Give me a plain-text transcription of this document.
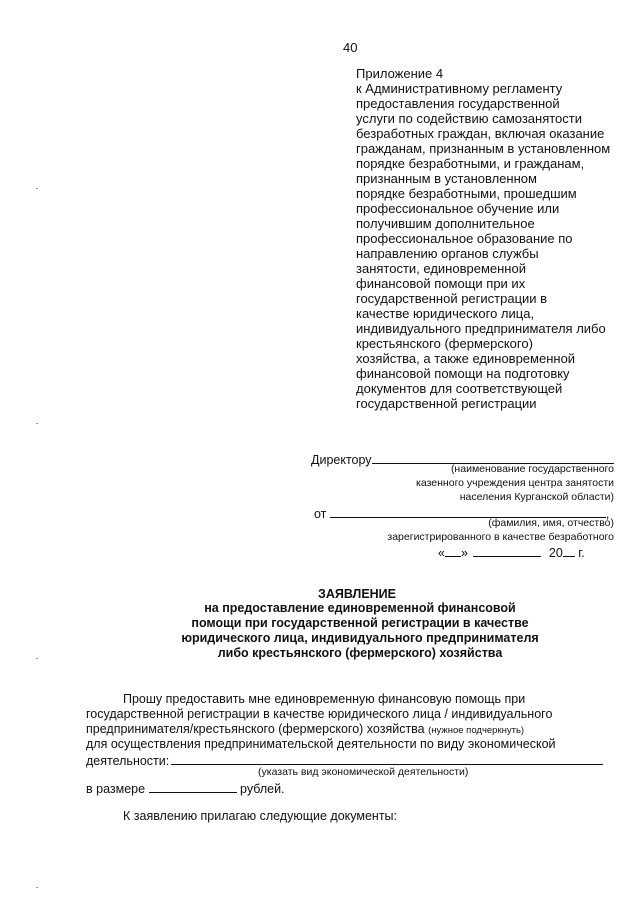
40
Приложение 4
к Административному регламенту
предоставления государственной
услуги по содействию самозанятости
безработных граждан, включая оказание
гражданам, признанным в установленном
порядке безработными, и гражданам,
признанным в установленном
порядке безработными, прошедшим
профессиональное обучение или
получившим дополнительное
профессиональное образование по
направлению органов службы
занятости, единовременной
финансовой помощи при их
государственной регистрации в
качестве юридического лица,
индивидуального предпринимателя либо
крестьянского (фермерского)
хозяйства, а также единовременной
финансовой помощи на подготовку
документов для соответствующей
государственной регистрации
Директору
(наименование государственного
казенного учреждения центра занятости
населения Курганской области)
от	,
(фамилия, имя, отчество)
зарегистрированного в качестве безработного
« »	20 г.
ЗАЯВЛЕНИЕ
на предоставление единовременной финансовой
помощи при государственной регистрации в качестве
юридического лица, индивидуального предпринимателя
либо крестьянского (фермерского) хозяйства
Прошу предоставить мне единовременную финансовую помощь при
государственной регистрации в качестве юридического лица / индивидуального
предпринимателя/крестьянского (фермерского) хозяйства (нужное подчеркнуть)
для осуществления предпринимательской деятельности по виду экономической
деятельности:
(указать вид экономической деятельности)
в размере	рублей.
К заявлению прилагаю следующие документы:
